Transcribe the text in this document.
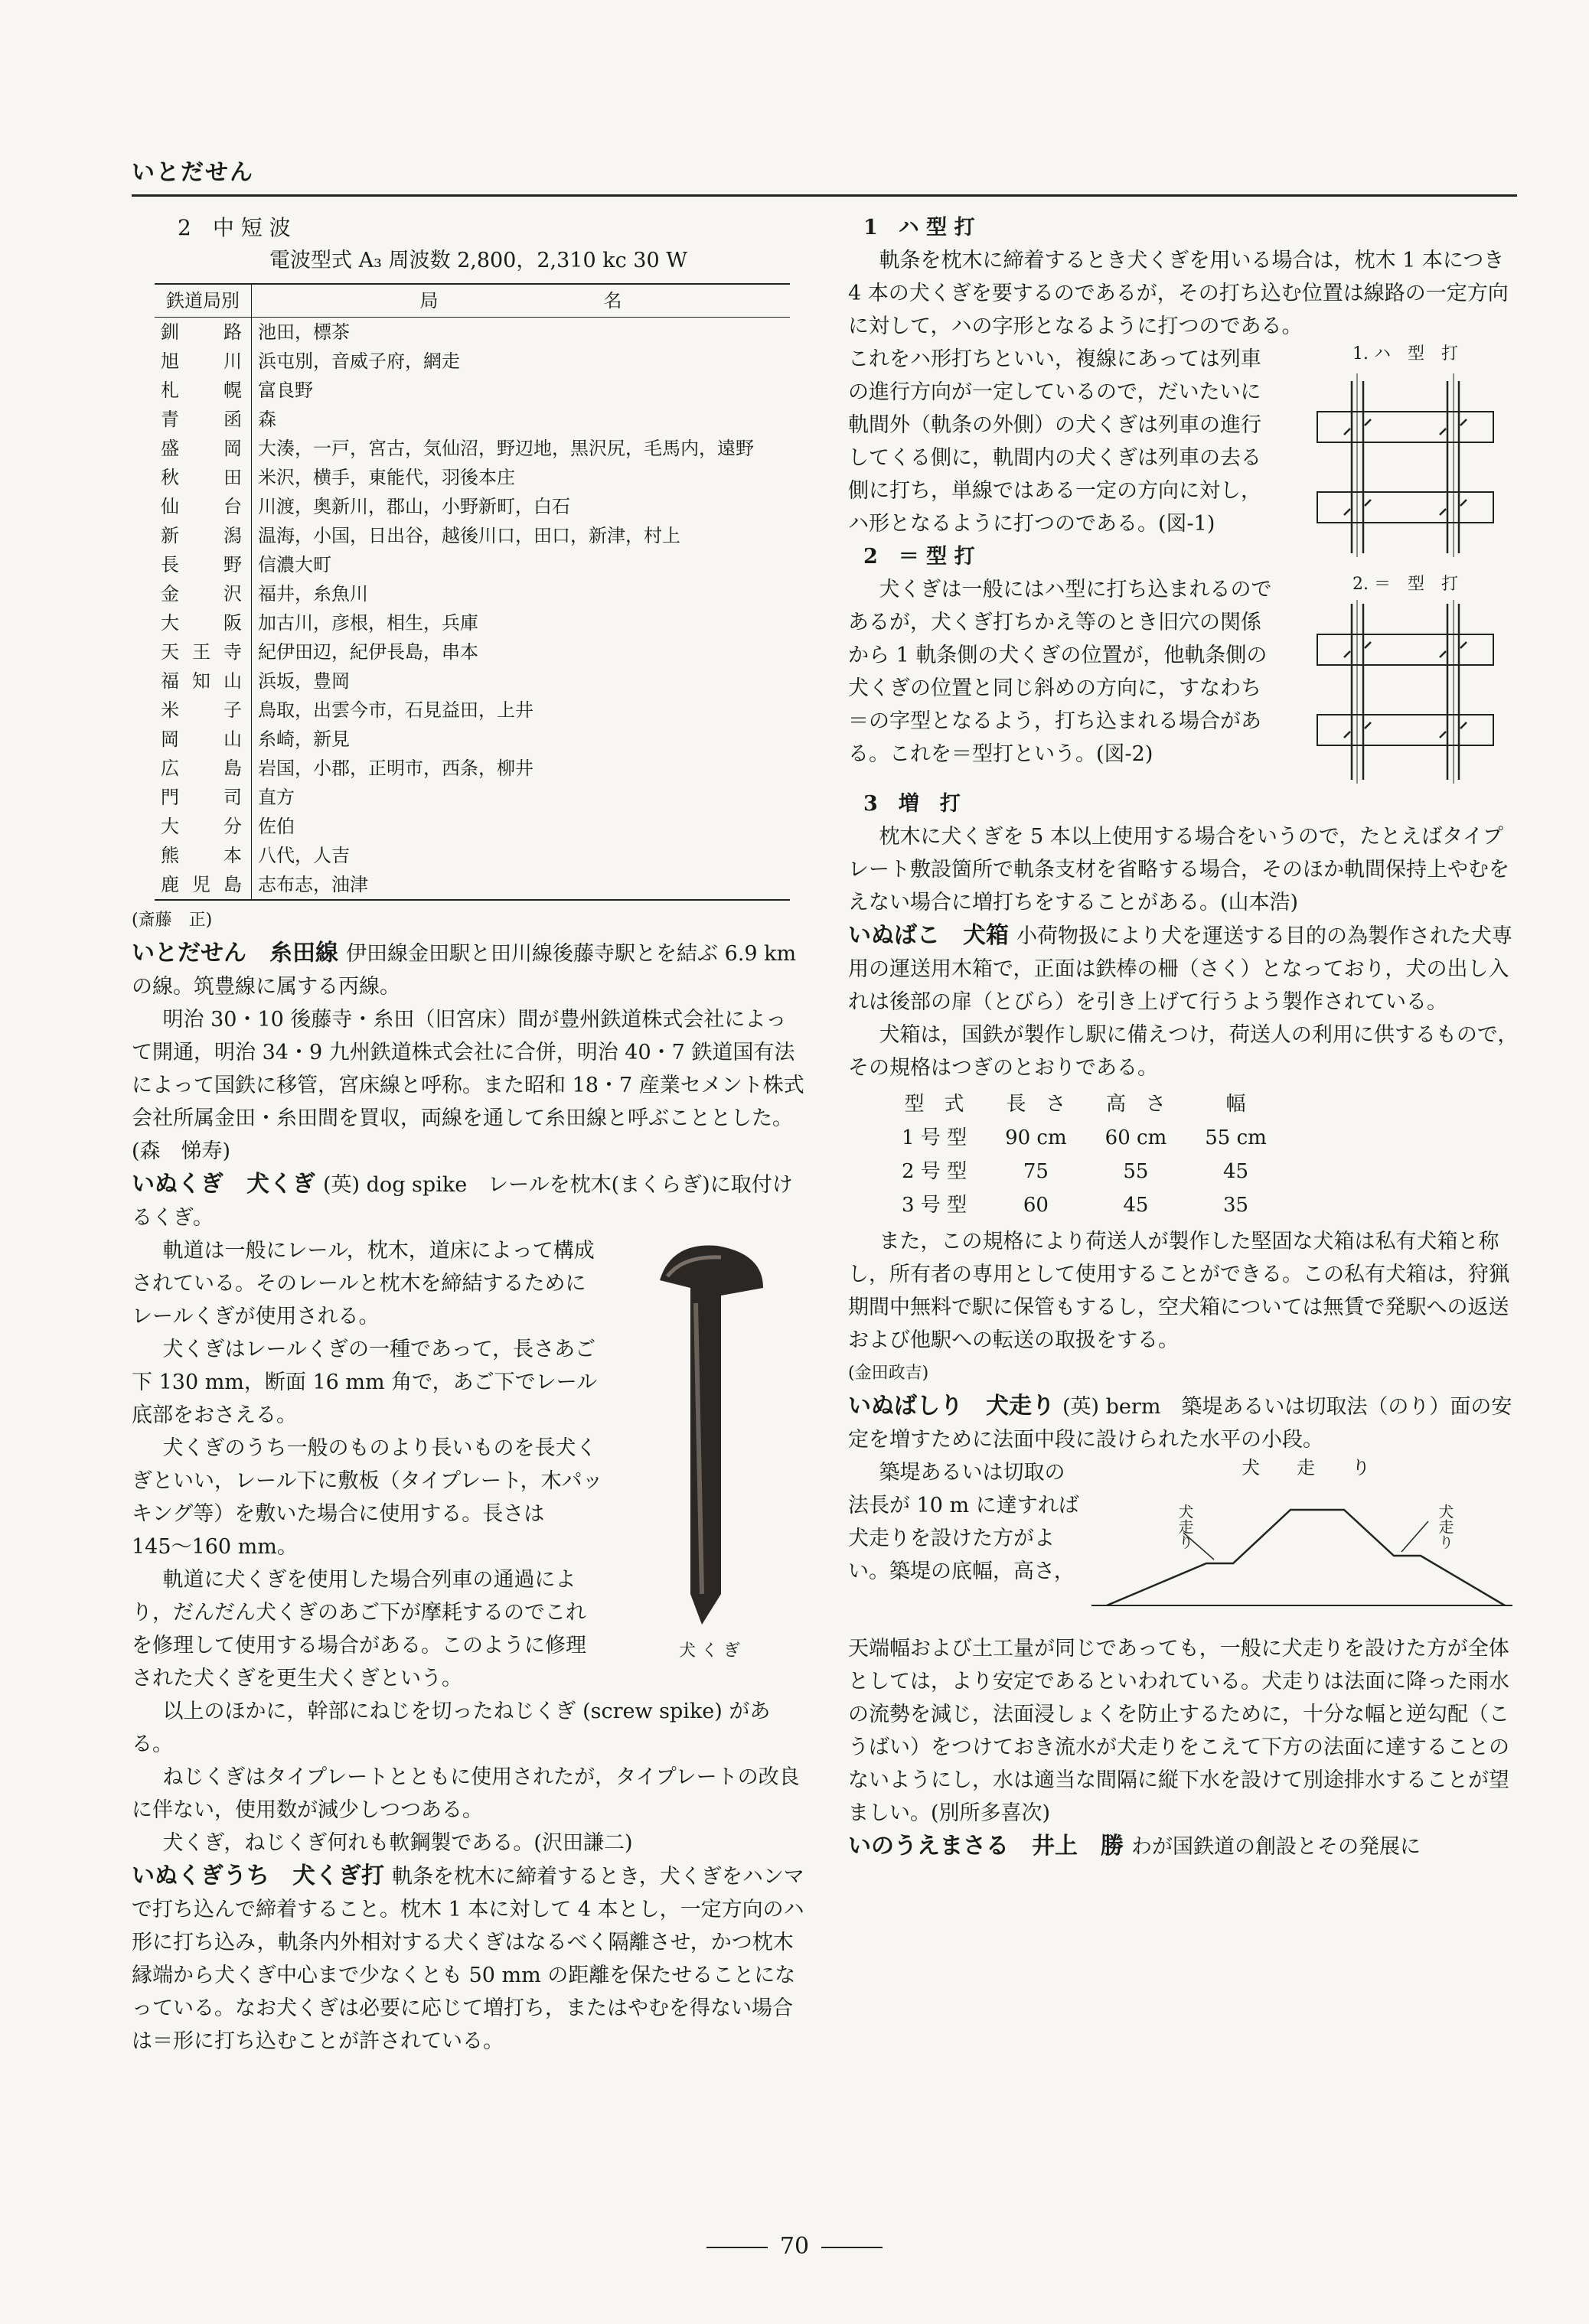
いとだせん

2　中 短 波

電波型式 A₃ 周波数 2,800，2,310 kc 30 W

鉄道局別	局　　　　　　　　　名
釧路	池田，標茶
旭川	浜屯別，音威子府，網走
札幌	富良野
青函	森
盛岡	大湊，一戸，宮古，気仙沼，野辺地，黒沢尻，毛馬内，遠野
秋田	米沢，横手，東能代，羽後本庄
仙台	川渡，奥新川，郡山，小野新町，白石
新潟	温海，小国，日出谷，越後川口，田口，新津，村上
長野	信濃大町
金沢	福井，糸魚川
大阪	加古川，彦根，相生，兵庫
天王寺	紀伊田辺，紀伊長島，串本
福知山	浜坂，豊岡
米子	鳥取，出雲今市，石見益田，上井
岡山	糸崎，新見
広島	岩国，小郡，正明市，西条，柳井
門司	直方
大分	佐伯
熊本	八代，人吉
鹿児島	志布志，油津

(斎藤　正)

いとだせん　糸田線 伊田線金田駅と田川線後藤寺駅とを結ぶ 6.9 km の線。筑豊線に属する丙線。

明治 30・10 後藤寺・糸田（旧宮床）間が豊州鉄道株式会社によって開通，明治 34・9 九州鉄道株式会社に合併，明治 40・7 鉄道国有法によって国鉄に移管，宮床線と呼称。また昭和 18・7 産業セメント株式会社所属金田・糸田間を買収，両線を通して糸田線と呼ぶこととした。(森　悌寿)

いぬくぎ　犬くぎ (英) dog spike　レールを枕木(まくらぎ)に取付けるくぎ。

犬 く ぎ

軌道は一般にレール，枕木，道床によって構成されている。そのレールと枕木を締結するためにレールくぎが使用される。

犬くぎはレールくぎの一種であって，長さあご下 130 mm，断面 16 mm 角で，あご下でレール底部をおさえる。

犬くぎのうち一般のものより長いものを長犬くぎといい，レール下に敷板（タイプレート，木パッキング等）を敷いた場合に使用する。長さは 145〜160 mm。

軌道に犬くぎを使用した場合列車の通過により，だんだん犬くぎのあご下が摩耗するのでこれを修理して使用する場合がある。このように修理された犬くぎを更生犬くぎという。

以上のほかに，幹部にねじを切ったねじくぎ (screw spike) がある。

ねじくぎはタイプレートとともに使用されたが，タイプレートの改良に伴ない，使用数が減少しつつある。

犬くぎ，ねじくぎ何れも軟鋼製である。(沢田謙二)

いぬくぎうち　犬くぎ打 軌条を枕木に締着するとき，犬くぎをハンマで打ち込んで締着すること。枕木 1 本に対して 4 本とし，一定方向のハ形に打ち込み，軌条内外相対する犬くぎはなるべく隔離させ，かつ枕木縁端から犬くぎ中心まで少なくとも 50 mm の距離を保たせることになっている。なお犬くぎは必要に応じて増打ち，またはやむを得ない場合は＝形に打ち込むことが許されている。

1　ハ 型 打

軌条を枕木に締着するとき犬くぎを用いる場合は，枕木 1 本につき 4 本の犬くぎを要するのであるが，その打ち込む位置は線路の一定方向に対して，ハの字形となるように打つのである。

1. ハ　型　打

これをハ形打ちといい，複線にあっては列車の進行方向が一定しているので，だいたいに軌間外（軌条の外側）の犬くぎは列車の進行してくる側に，軌間内の犬くぎは列車の去る側に打ち，単線ではある一定の方向に対し，ハ形となるように打つのである。(図-1)

2　＝ 型 打

2. ＝　型　打

犬くぎは一般にはハ型に打ち込まれるのであるが，犬くぎ打ちかえ等のとき旧穴の関係から 1 軌条側の犬くぎの位置が，他軌条側の犬くぎの位置と同じ斜めの方向に，すなわち＝の字型となるよう，打ち込まれる場合がある。これを＝型打という。(図-2)

3　増　打

枕木に犬くぎを 5 本以上使用する場合をいうので，たとえばタイプレート敷設箇所で軌条支材を省略する場合，そのほか軌間保持上やむをえない場合に増打ちをすることがある。(山本浩)

いぬばこ　犬箱 小荷物扱により犬を運送する目的の為製作された犬専用の運送用木箱で，正面は鉄棒の柵（さく）となっており，犬の出し入れは後部の扉（とびら）を引き上げて行うよう製作されている。

犬箱は，国鉄が製作し駅に備えつけ，荷送人の利用に供するもので，その規格はつぎのとおりである。

型　式	長　さ	高　さ	幅
1 号 型	90 cm	60 cm	55 cm
2 号 型	75	55	45
3 号 型	60	45	35

また，この規格により荷送人が製作した堅固な犬箱は私有犬箱と称し，所有者の専用として使用することができる。この私有犬箱は，狩猟期間中無料で駅に保管もするし，空犬箱については無賃で発駅への返送および他駅への転送の取扱をする。

(金田政吉)

いぬばしり　犬走り (英) berm　築堤あるいは切取法（のり）面の安定を増すために法面中段に設けられた水平の小段。

犬　　走　　り
犬走り	犬走り

築堤あるいは切取の法長が 10 m に達すれば犬走りを設けた方がよい。築堤の底幅，高さ，

天端幅および土工量が同じであっても，一般に犬走りを設けた方が全体としては，より安定であるといわれている。犬走りは法面に降った雨水の流勢を減じ，法面浸しょくを防止するために，十分な幅と逆勾配（こうばい）をつけておき流水が犬走りをこえて下方の法面に達することのないようにし，水は適当な間隔に縦下水を設けて別途排水することが望ましい。(別所多喜次)

いのうえまさる　井上　勝 わが国鉄道の創設とその発展に

70
